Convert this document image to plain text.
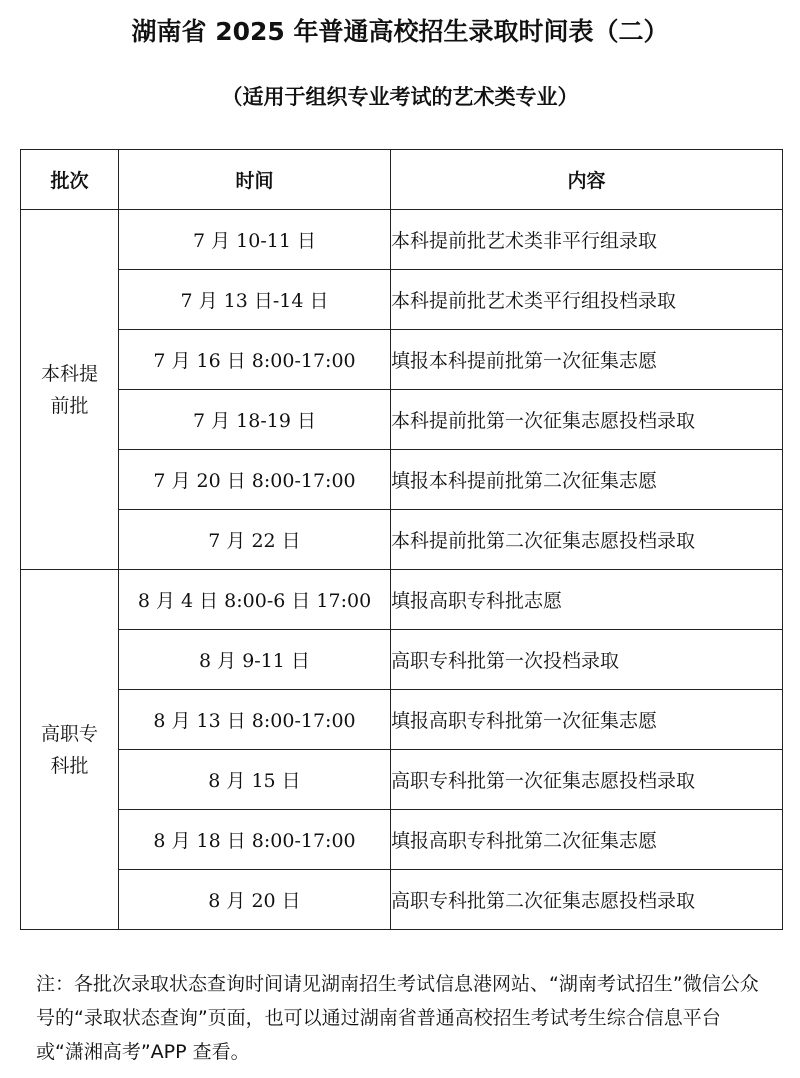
湖南省 2025 年普通高校招生录取时间表（二）
（适用于组织专业考试的艺术类专业）
批次	时间	内容
本科提前批	7 月 10-11 日	本科提前批艺术类非平行组录取
	7 月 13 日-14 日	本科提前批艺术类平行组投档录取
	7 月 16 日 8:00-17:00	填报本科提前批第一次征集志愿
	7 月 18-19 日	本科提前批第一次征集志愿投档录取
	7 月 20 日 8:00-17:00	填报本科提前批第二次征集志愿
	7 月 22 日	本科提前批第二次征集志愿投档录取
高职专科批	8 月 4 日 8:00-6 日 17:00	填报高职专科批志愿
	8 月 9-11 日	高职专科批第一次投档录取
	8 月 13 日 8:00-17:00	填报高职专科批第一次征集志愿
	8 月 15 日	高职专科批第一次征集志愿投档录取
	8 月 18 日 8:00-17:00	填报高职专科批第二次征集志愿
	8 月 20 日	高职专科批第二次征集志愿投档录取
注：各批次录取状态查询时间请见湖南招生考试信息港网站、“湖南考试招生”微信公众号的“录取状态查询”页面，也可以通过湖南省普通高校招生考试考生综合信息平台或“潇湘高考”APP 查看。
